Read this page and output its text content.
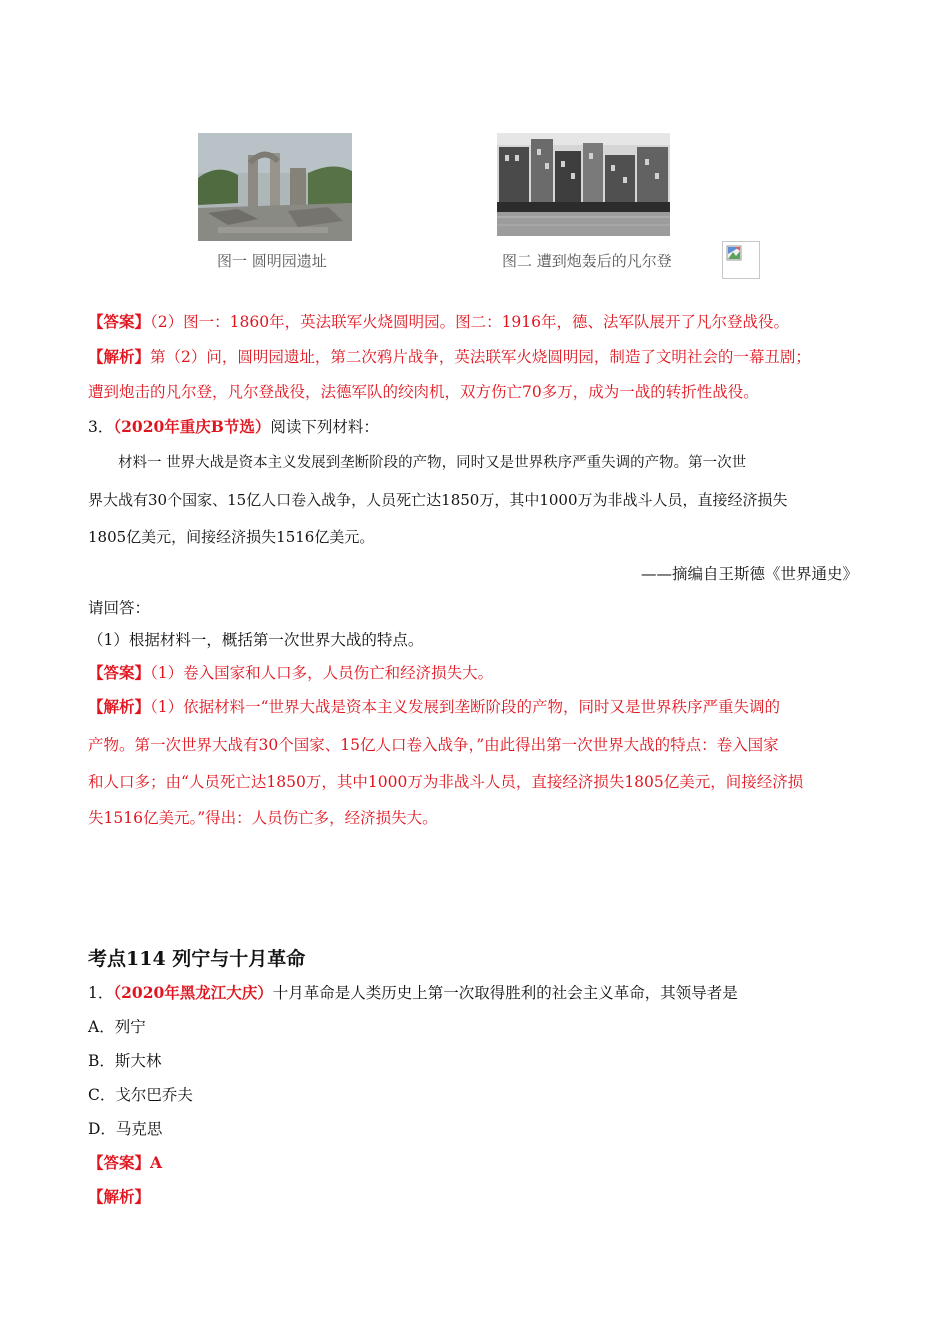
图一 圆明园遗址	图二 遭到炮轰后的凡尔登
【答案】（2）图一：1860年，英法联军火烧圆明园。图二：1916年，德、法军队展开了凡尔登战役。
【解析】第（2）问，圆明园遗址，第二次鸦片战争，英法联军火烧圆明园，制造了文明社会的一幕丑剧；
遭到炮击的凡尔登，凡尔登战役，法德军队的绞肉机，双方伤亡70多万，成为一战的转折性战役。
3．（2020年重庆B节选）阅读下列材料：
材料一 世界大战是资本主义发展到垄断阶段的产物，同时又是世界秩序严重失调的产物。第一次世
界大战有30个国家、15亿人口卷入战争，人员死亡达1850万，其中1000万为非战斗人员，直接经济损失
1805亿美元，间接经济损失1516亿美元。
——摘编自王斯德《世界通史》
请回答：
（1）根据材料一，概括第一次世界大战的特点。
【答案】（1）卷入国家和人口多，人员伤亡和经济损失大。
【解析】（1）依据材料一“世界大战是资本主义发展到垄断阶段的产物，同时又是世界秩序严重失调的
产物。第一次世界大战有30个国家、15亿人口卷入战争，”由此得出第一次世界大战的特点：卷入国家
和人口多；由“人员死亡达1850万，其中1000万为非战斗人员，直接经济损失1805亿美元，间接经济损
失1516亿美元。”得出：人员伤亡多，经济损失大。
考点114 列宁与十月革命
1．（2020年黑龙江大庆）十月革命是人类历史上第一次取得胜利的社会主义革命，其领导者是
A．列宁
B．斯大林
C．戈尔巴乔夫
D．马克思
【答案】A
【解析】
